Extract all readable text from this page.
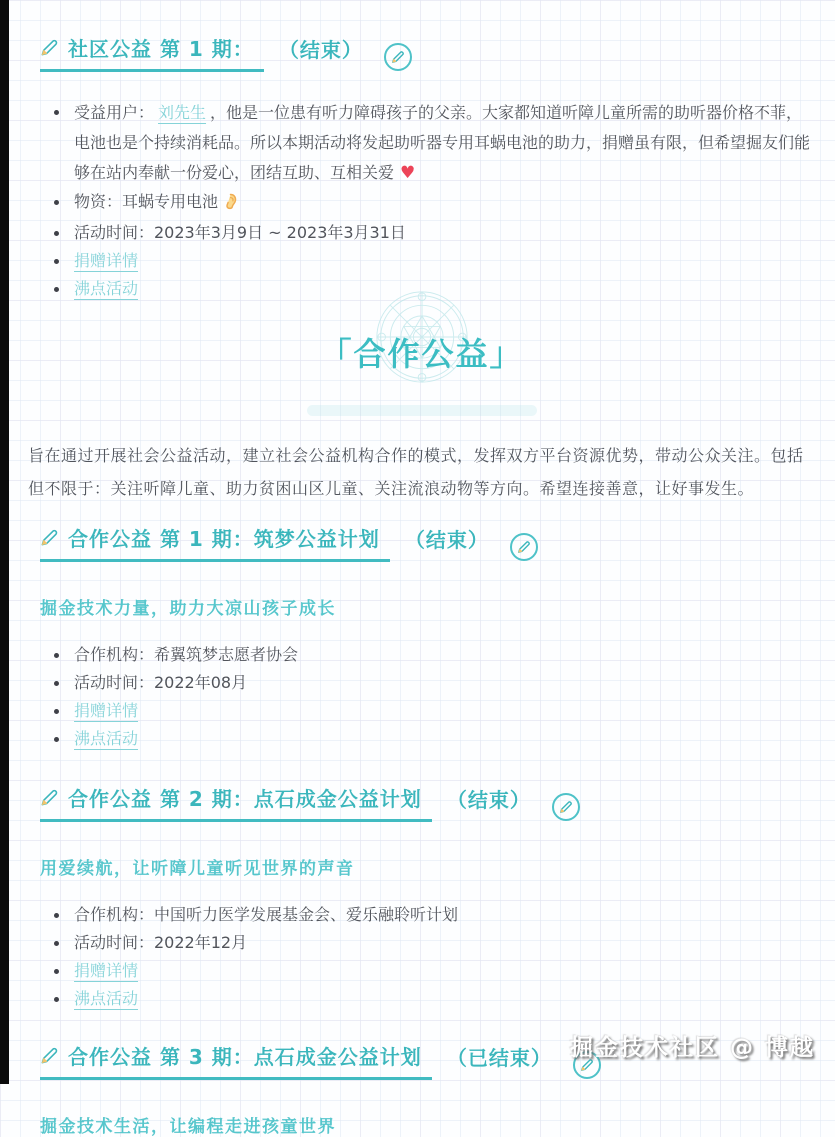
社区公益 第 1 期： （结束）
受益用户： 刘先生 ，他是一位患有听力障碍孩子的父亲。大家都知道听障儿童所需的助听器价格不菲，电池也是个持续消耗品。所以本期活动将发起助听器专用耳蜗电池的助力，捐赠虽有限，但希望掘友们能够在站内奉献一份爱心，团结互助、互相关爱 ♥
物资：耳蜗专用电池
活动时间：2023年3月9日 ~ 2023年3月31日
捐赠详情
沸点活动
「合作公益」

旨在通过开展社会公益活动，建立社会公益机构合作的模式，发挥双方平台资源优势，带动公众关注。包括但不限于：关注听障儿童、助力贫困山区儿童、关注流浪动物等方向。希望连接善意，让好事发生。

合作公益 第 1 期：筑梦公益计划 （结束）
掘金技术力量，助力大凉山孩子成长
合作机构：希翼筑梦志愿者协会
活动时间：2022年08月
捐赠详情
沸点活动
合作公益 第 2 期：点石成金公益计划 （结束）
用爱续航，让听障儿童听见世界的声音
合作机构：中国听力医学发展基金会、爱乐融聆听计划
活动时间：2022年12月
捐赠详情
沸点活动
合作公益 第 3 期：点石成金公益计划 （已结束）
掘金技术生活，让编程走进孩童世界
掘金技术社区 @ 博越
